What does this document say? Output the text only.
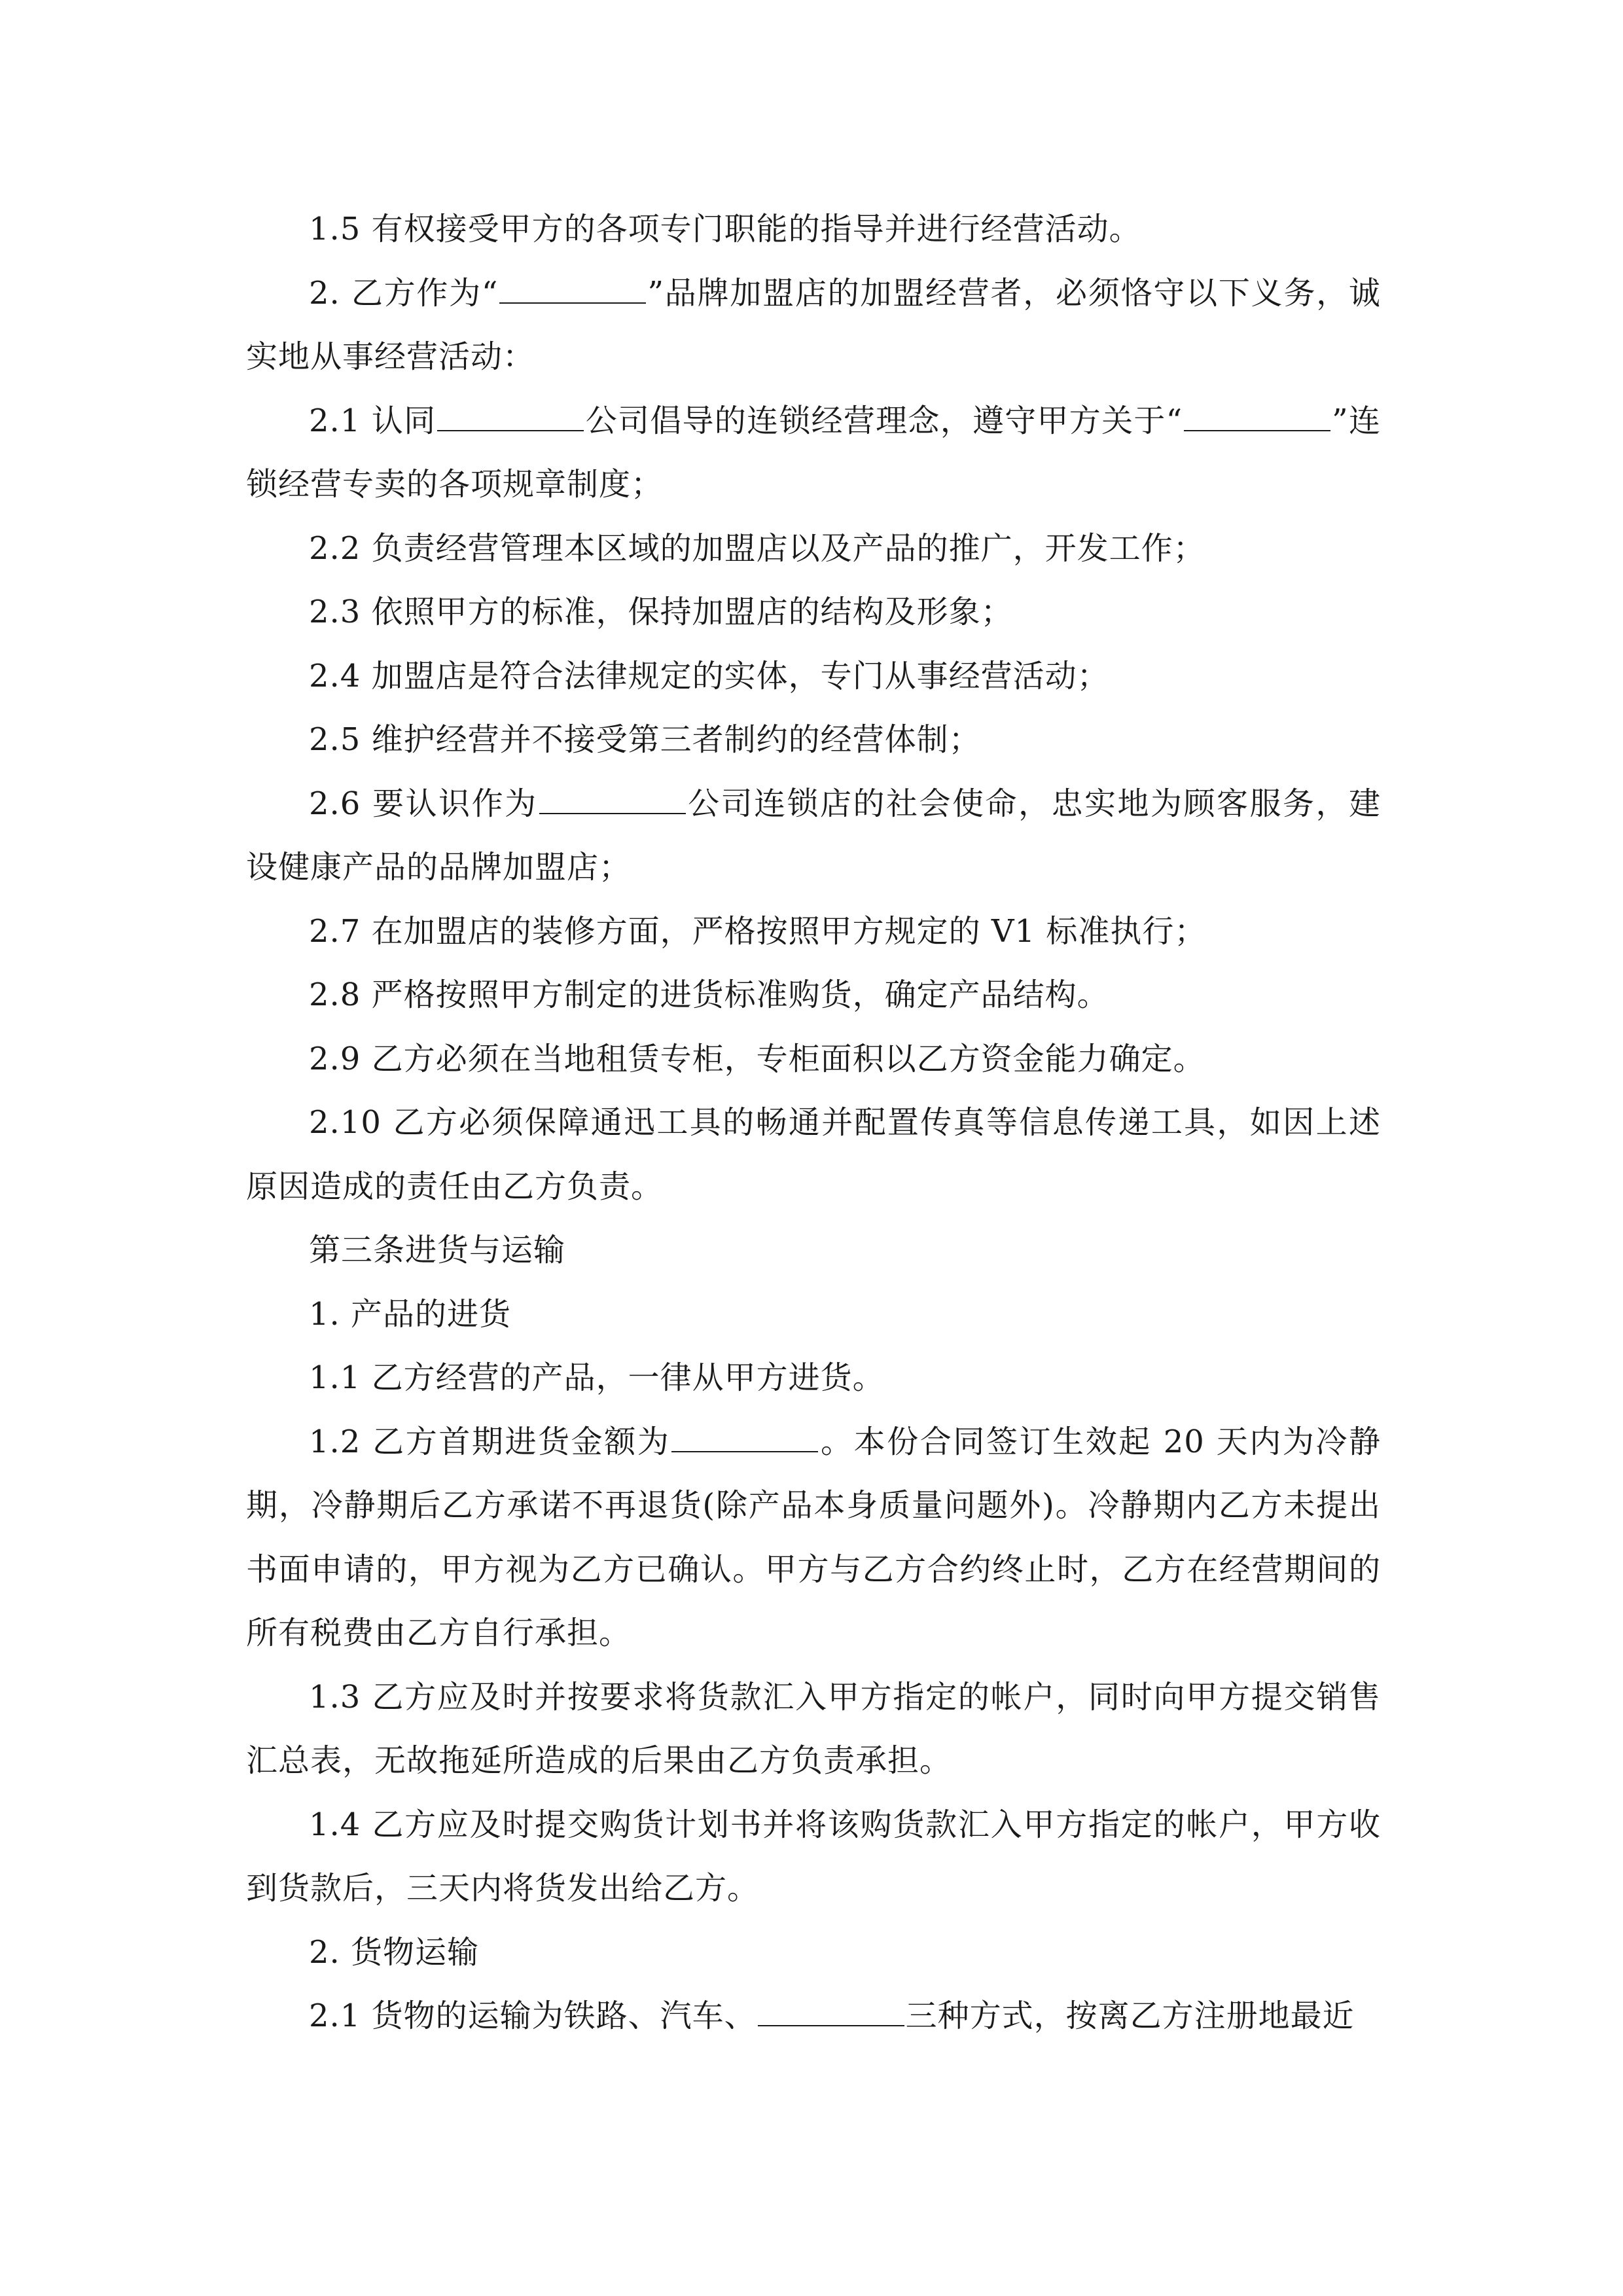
1.5 有权接受甲方的各项专门职能的指导并进行经营活动。

2. 乙方作为“	”品牌加盟店的加盟经营者，必须恪守以下义务，诚实地从事经营活动：

2.1 认同	公司倡导的连锁经营理念，遵守甲方关于“	”连锁经营专卖的各项规章制度；

2.2 负责经营管理本区域的加盟店以及产品的推广，开发工作；

2.3 依照甲方的标准，保持加盟店的结构及形象；

2.4 加盟店是符合法律规定的实体，专门从事经营活动；

2.5 维护经营并不接受第三者制约的经营体制；

2.6 要认识作为	公司连锁店的社会使命，忠实地为顾客服务，建设健康产品的品牌加盟店；

2.7 在加盟店的装修方面，严格按照甲方规定的 V1 标准执行；

2.8 严格按照甲方制定的进货标准购货，确定产品结构。

2.9 乙方必须在当地租赁专柜，专柜面积以乙方资金能力确定。

2.10 乙方必须保障通迅工具的畅通并配置传真等信息传递工具，如因上述原因造成的责任由乙方负责。

第三条进货与运输

1. 产品的进货

1.1 乙方经营的产品，一律从甲方进货。

1.2 乙方首期进货金额为	。本份合同签订生效起 20 天内为冷静期，冷静期后乙方承诺不再退货(除产品本身质量问题外)。冷静期内乙方未提出书面申请的，甲方视为乙方已确认。甲方与乙方合约终止时，乙方在经营期间的所有税费由乙方自行承担。

1.3 乙方应及时并按要求将货款汇入甲方指定的帐户，同时向甲方提交销售汇总表，无故拖延所造成的后果由乙方负责承担。

1.4 乙方应及时提交购货计划书并将该购货款汇入甲方指定的帐户，甲方收到货款后，三天内将货发出给乙方。

2. 货物运输

2.1 货物的运输为铁路、汽车、	三种方式，按离乙方注册地最近
